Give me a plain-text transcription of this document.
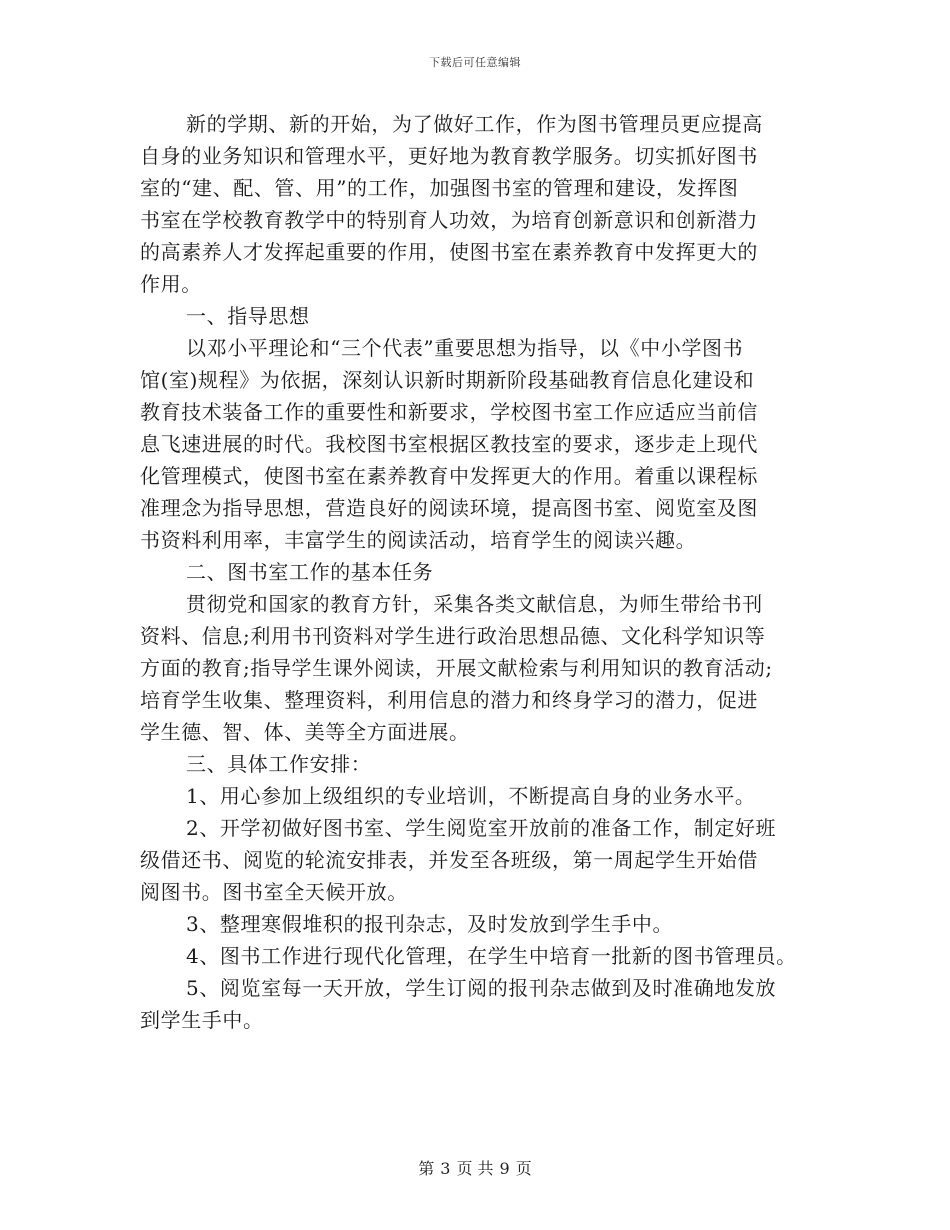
下载后可任意编辑
新的学期、新的开始，为了做好工作，作为图书管理员更应提高
自身的业务知识和管理水平，更好地为教育教学服务。切实抓好图书
室的“建、配、管、用”的工作，加强图书室的管理和建设，发挥图
书室在学校教育教学中的特别育人功效，为培育创新意识和创新潜力
的高素养人才发挥起重要的作用，使图书室在素养教育中发挥更大的
作用。
一、指导思想
以邓小平理论和“三个代表”重要思想为指导，以《中小学图书
馆(室)规程》为依据，深刻认识新时期新阶段基础教育信息化建设和
教育技术装备工作的重要性和新要求，学校图书室工作应适应当前信
息飞速进展的时代。我校图书室根据区教技室的要求，逐步走上现代
化管理模式，使图书室在素养教育中发挥更大的作用。着重以课程标
准理念为指导思想，营造良好的阅读环境，提高图书室、阅览室及图
书资料利用率，丰富学生的阅读活动，培育学生的阅读兴趣。
二、图书室工作的基本任务
贯彻党和国家的教育方针，采集各类文献信息，为师生带给书刊
资料、信息;利用书刊资料对学生进行政治思想品德、文化科学知识等
方面的教育;指导学生课外阅读，开展文献检索与利用知识的教育活动;
培育学生收集、整理资料，利用信息的潜力和终身学习的潜力，促进
学生德、智、体、美等全方面进展。
三、具体工作安排：
1、用心参加上级组织的专业培训，不断提高自身的业务水平。
2、开学初做好图书室、学生阅览室开放前的准备工作，制定好班
级借还书、阅览的轮流安排表，并发至各班级，第一周起学生开始借
阅图书。图书室全天候开放。
3、整理寒假堆积的报刊杂志，及时发放到学生手中。
4、图书工作进行现代化管理，在学生中培育一批新的图书管理员。
5、阅览室每一天开放，学生订阅的报刊杂志做到及时准确地发放
到学生手中。
第 3 页 共 9 页
